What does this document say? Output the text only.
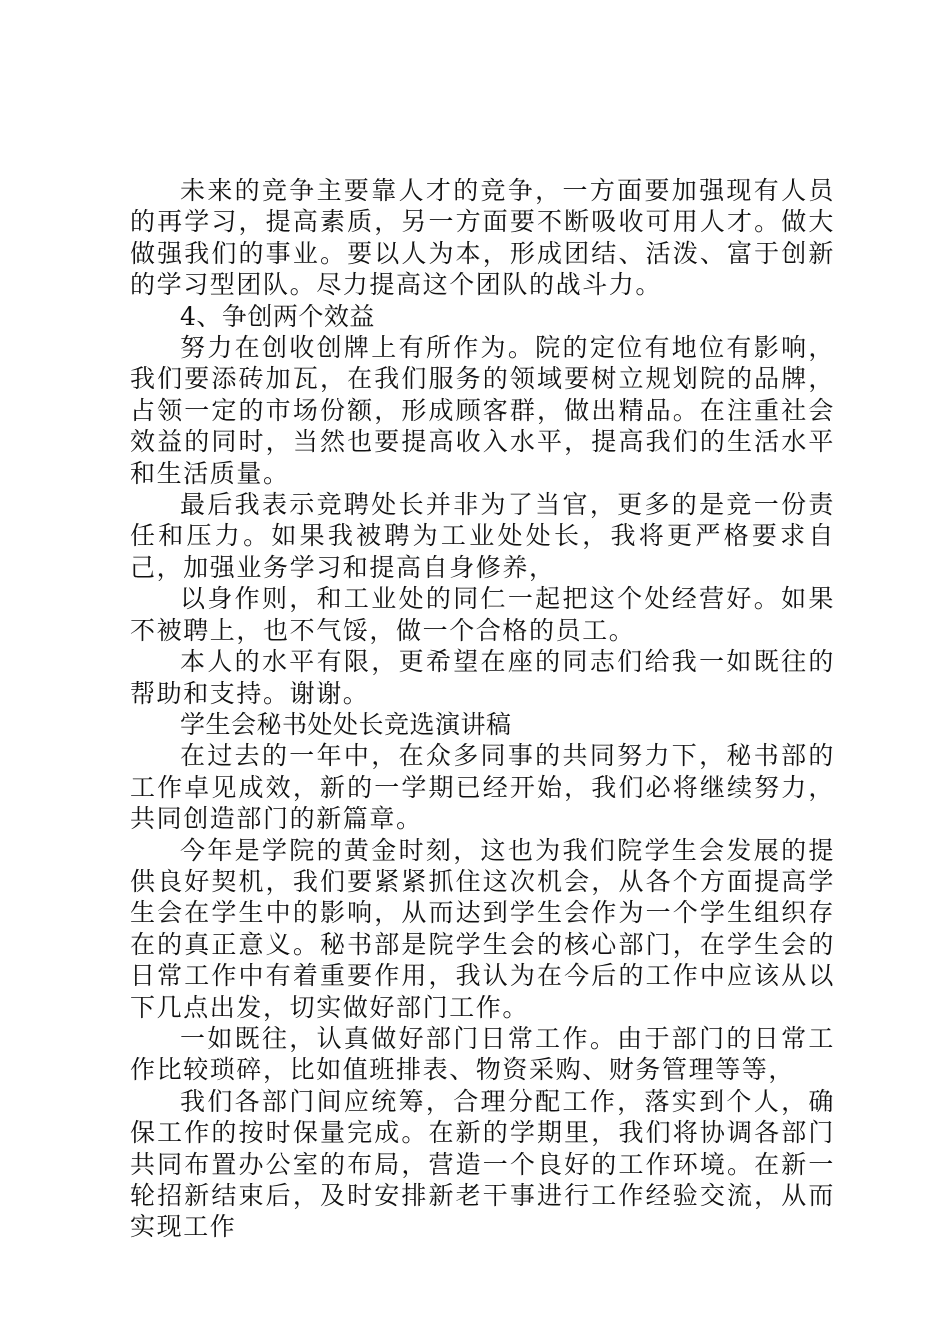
未来的竞争主要靠人才的竞争，一方面要加强现有人员的再学习，提高素质，另一方面要不断吸收可用人才。做大做强我们的事业。要以人为本，形成团结、活泼、富于创新的学习型团队。尽力提高这个团队的战斗力。

4、争创两个效益

努力在创收创牌上有所作为。院的定位有地位有影响，我们要添砖加瓦，在我们服务的领域要树立规划院的品牌，占领一定的市场份额，形成顾客群，做出精品。在注重社会效益的同时，当然也要提高收入水平，提高我们的生活水平和生活质量。

最后我表示竞聘处长并非为了当官，更多的是竞一份责任和压力。如果我被聘为工业处处长，我将更严格要求自己，加强业务学习和提高自身修养，

以身作则，和工业处的同仁一起把这个处经营好。如果不被聘上，也不气馁，做一个合格的员工。

本人的水平有限，更希望在座的同志们给我一如既往的帮助和支持。谢谢。

学生会秘书处处长竞选演讲稿

在过去的一年中，在众多同事的共同努力下，秘书部的工作卓见成效，新的一学期已经开始，我们必将继续努力，共同创造部门的新篇章。

今年是学院的黄金时刻，这也为我们院学生会发展的提供良好契机，我们要紧紧抓住这次机会，从各个方面提高学生会在学生中的影响，从而达到学生会作为一个学生组织存在的真正意义。秘书部是院学生会的核心部门，在学生会的日常工作中有着重要作用，我认为在今后的工作中应该从以下几点出发，切实做好部门工作。

一如既往，认真做好部门日常工作。由于部门的日常工作比较琐碎，比如值班排表、物资采购、财务管理等等，

我们各部门间应统筹，合理分配工作，落实到个人，确保工作的按时保量完成。在新的学期里，我们将协调各部门共同布置办公室的布局，营造一个良好的工作环境。在新一轮招新结束后，及时安排新老干事进行工作经验交流，从而实现工作
